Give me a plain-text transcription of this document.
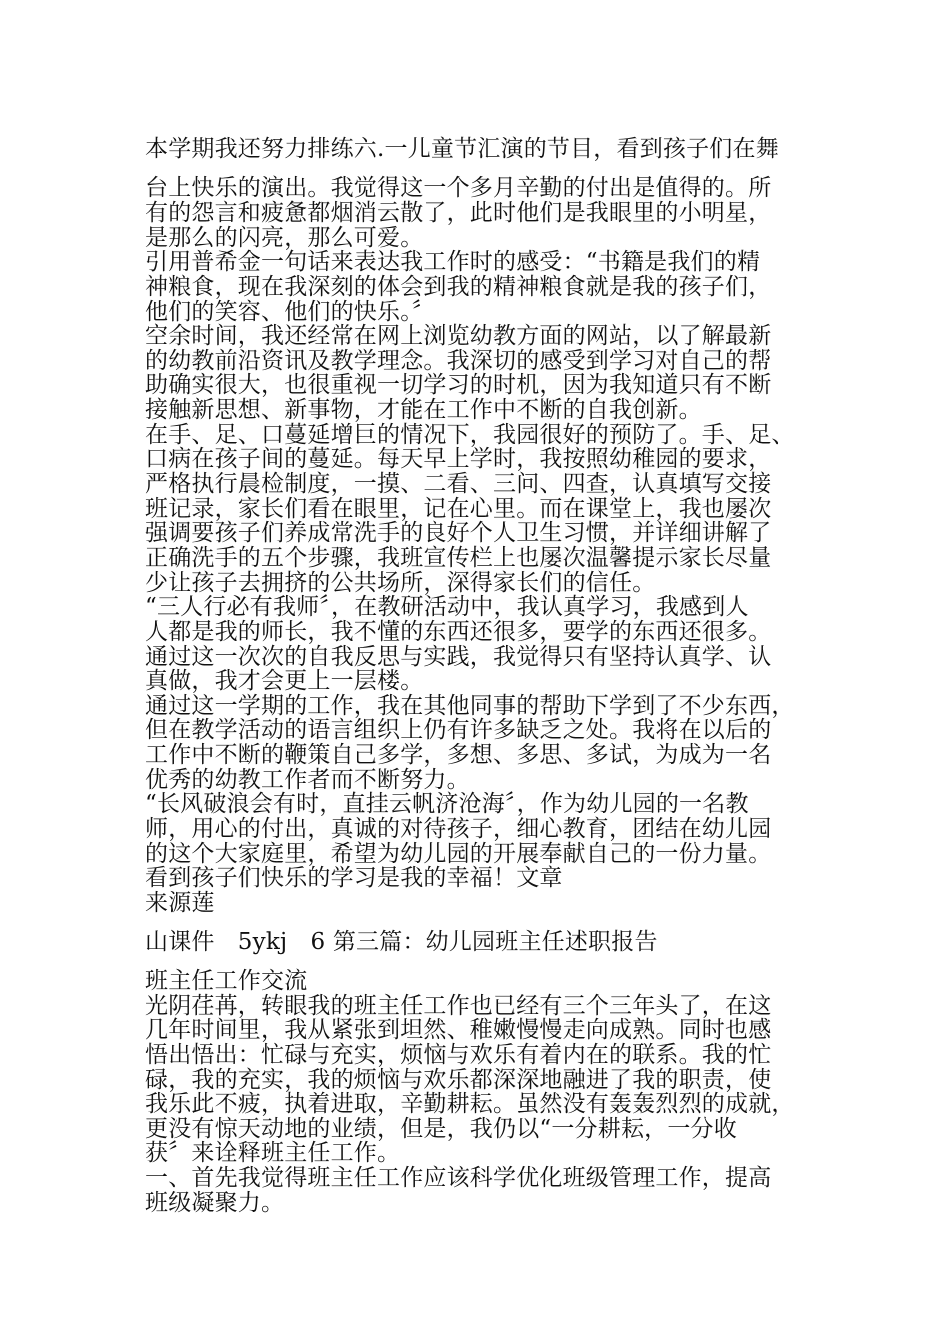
本学期我还努力排练六.一儿童节汇演的节目，看到孩子们在舞
台上快乐的演出。我觉得这一个多月辛勤的付出是值得的。所
有的怨言和疲惫都烟消云散了，此时他们是我眼里的小明星，
是那么的闪亮，那么可爱。
引用普希金一句话来表达我工作时的感受：“书籍是我们的精
神粮食，现在我深刻的体会到我的精神粮食就是我的孩子们，
他们的笑容、他们的快乐。〞
空余时间，我还经常在网上浏览幼教方面的网站，以了解最新
的幼教前沿资讯及教学理念。我深切的感受到学习对自己的帮
助确实很大，也很重视一切学习的时机，因为我知道只有不断
接触新思想、新事物，才能在工作中不断的自我创新。
在手、足、口蔓延增巨的情况下，我园很好的预防了。手、足、
口病在孩子间的蔓延。每天早上学时，我按照幼稚园的要求，
严格执行晨检制度，一摸、二看、三问、四查，认真填写交接
班记录，家长们看在眼里，记在心里。而在课堂上，我也屡次
强调要孩子们养成常洗手的良好个人卫生习惯，并详细讲解了
正确洗手的五个步骤，我班宣传栏上也屡次温馨提示家长尽量
少让孩子去拥挤的公共场所，深得家长们的信任。
“三人行必有我师〞，在教研活动中，我认真学习，我感到人
人都是我的师长，我不懂的东西还很多，要学的东西还很多。
通过这一次次的自我反思与实践，我觉得只有坚持认真学、认
真做，我才会更上一层楼。
通过这一学期的工作，我在其他同事的帮助下学到了不少东西，
但在教学活动的语言组织上仍有许多缺乏之处。我将在以后的
工作中不断的鞭策自己多学，多想、多思、多试，为成为一名
优秀的幼教工作者而不断努力。
“长风破浪会有时，直挂云帆济沧海〞，作为幼儿园的一名教
师，用心的付出，真诚的对待孩子，细心教育，团结在幼儿园
的这个大家庭里，希望为幼儿园的开展奉献自己的一份力量。
看到孩子们快乐的学习是我的幸福！文章
来源莲
山课件　5ykj　6 第三篇：幼儿园班主任述职报告
班主任工作交流
光阴荏苒，转眼我的班主任工作也已经有三个三年头了，在这
几年时间里，我从紧张到坦然、稚嫩慢慢走向成熟。同时也感
悟出悟出：忙碌与充实，烦恼与欢乐有着内在的联系。我的忙
碌，我的充实，我的烦恼与欢乐都深深地融进了我的职责，使
我乐此不疲，执着进取，辛勤耕耘。虽然没有轰轰烈烈的成就，
更没有惊天动地的业绩，但是，我仍以“一分耕耘，一分收
获〞来诠释班主任工作。
一、首先我觉得班主任工作应该科学优化班级管理工作，提高
班级凝聚力。
